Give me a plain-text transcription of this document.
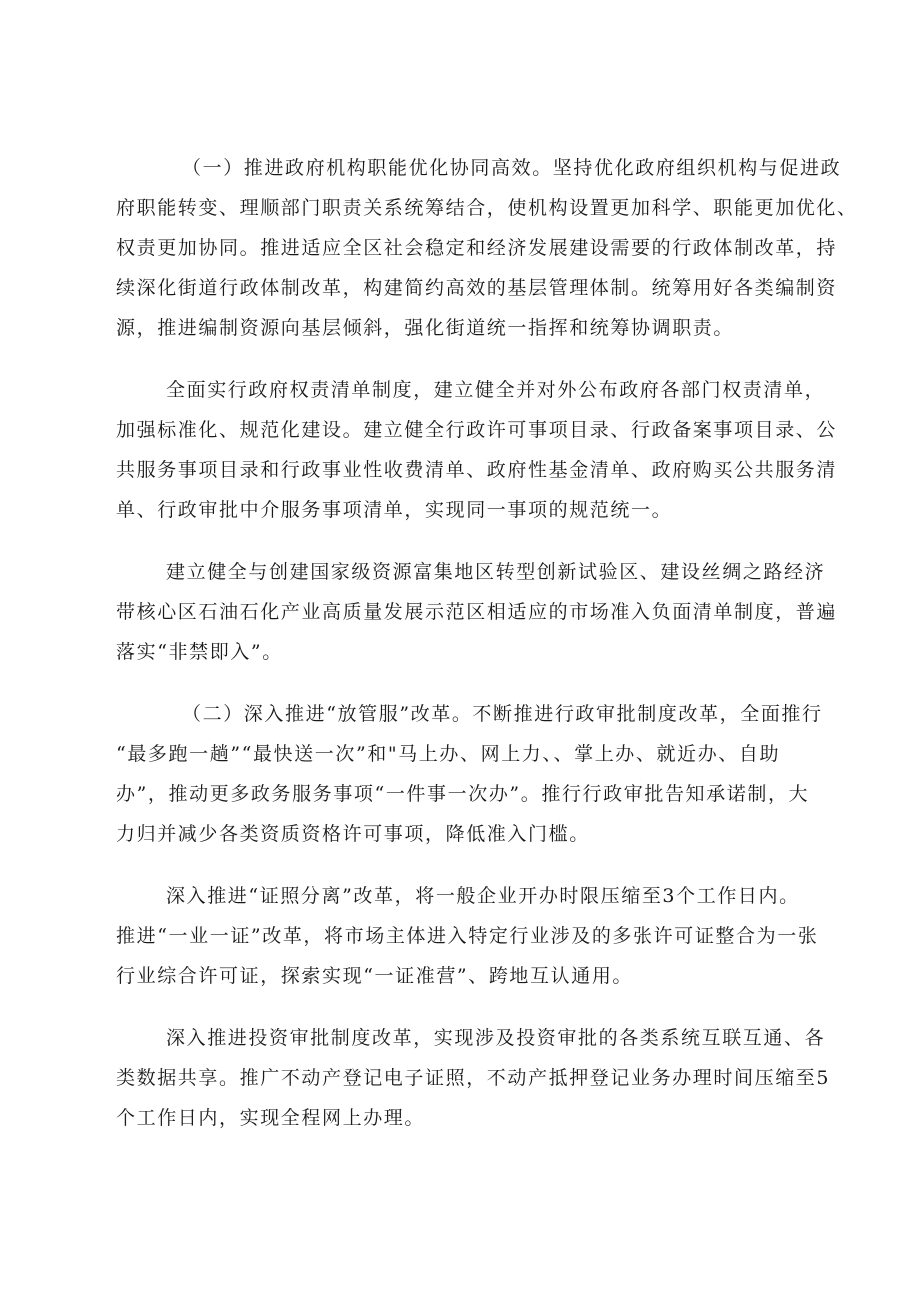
（一）推进政府机构职能优化协同高效。坚持优化政府组织机构与促进政
府职能转变、理顺部门职责关系统筹结合，使机构设置更加科学、职能更加优化、
权责更加协同。推进适应全区社会稳定和经济发展建设需要的行政体制改革，持
续深化街道行政体制改革，构建简约高效的基层管理体制。统筹用好各类编制资
源，推进编制资源向基层倾斜，强化街道统一指挥和统筹协调职责。
全面实行政府权责清单制度，建立健全并对外公布政府各部门权责清单，
加强标准化、规范化建设。建立健全行政许可事项目录、行政备案事项目录、公
共服务事项目录和行政事业性收费清单、政府性基金清单、政府购买公共服务清
单、行政审批中介服务事项清单，实现同一事项的规范统一。
建立健全与创建国家级资源富集地区转型创新试验区、建设丝绸之路经济
带核心区石油石化产业高质量发展示范区相适应的市场准入负面清单制度，普遍
落实“非禁即入”。
（二）深入推进“放管服”改革。不断推进行政审批制度改革，全面推行
“最多跑一趟”“最快送一次”和"马上办、网上力、、掌上办、就近办、自助
办”，推动更多政务服务事项“一件事一次办”。推行行政审批告知承诺制，大
力归并减少各类资质资格许可事项，降低准入门槛。
深入推进“证照分离”改革，将一般企业开办时限压缩至3个工作日内。
推进“一业一证”改革，将市场主体进入特定行业涉及的多张许可证整合为一张
行业综合许可证，探索实现“一证准营”、跨地互认通用。
深入推进投资审批制度改革，实现涉及投资审批的各类系统互联互通、各
类数据共享。推广不动产登记电子证照，不动产抵押登记业务办理时间压缩至5
个工作日内，实现全程网上办理。
